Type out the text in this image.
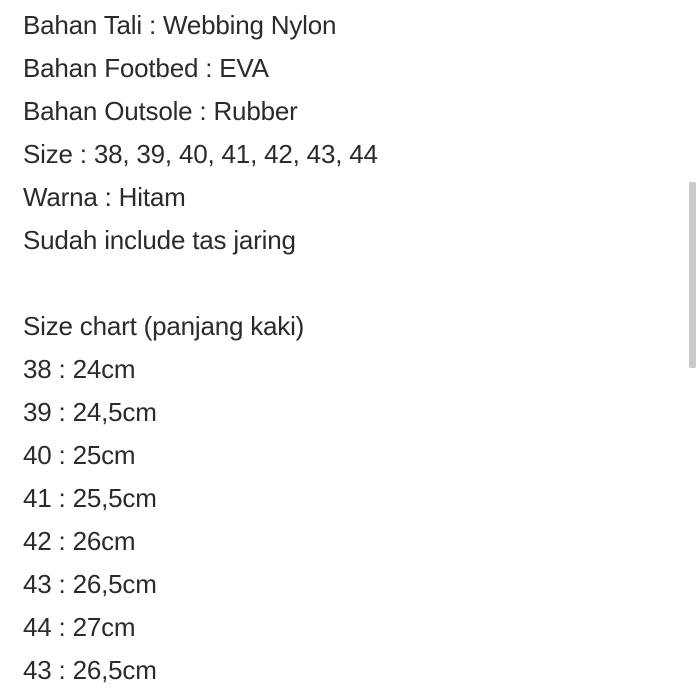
Bahan Tali : Webbing Nylon
Bahan Footbed : EVA
Bahan Outsole : Rubber
Size : 38, 39, 40, 41, 42, 43, 44
Warna : Hitam
Sudah include tas jaring
Size chart (panjang kaki)
38 : 24cm
39 : 24,5cm
40 : 25cm
41 : 25,5cm
42 : 26cm
43 : 26,5cm
44 : 27cm
43 : 26,5cm
